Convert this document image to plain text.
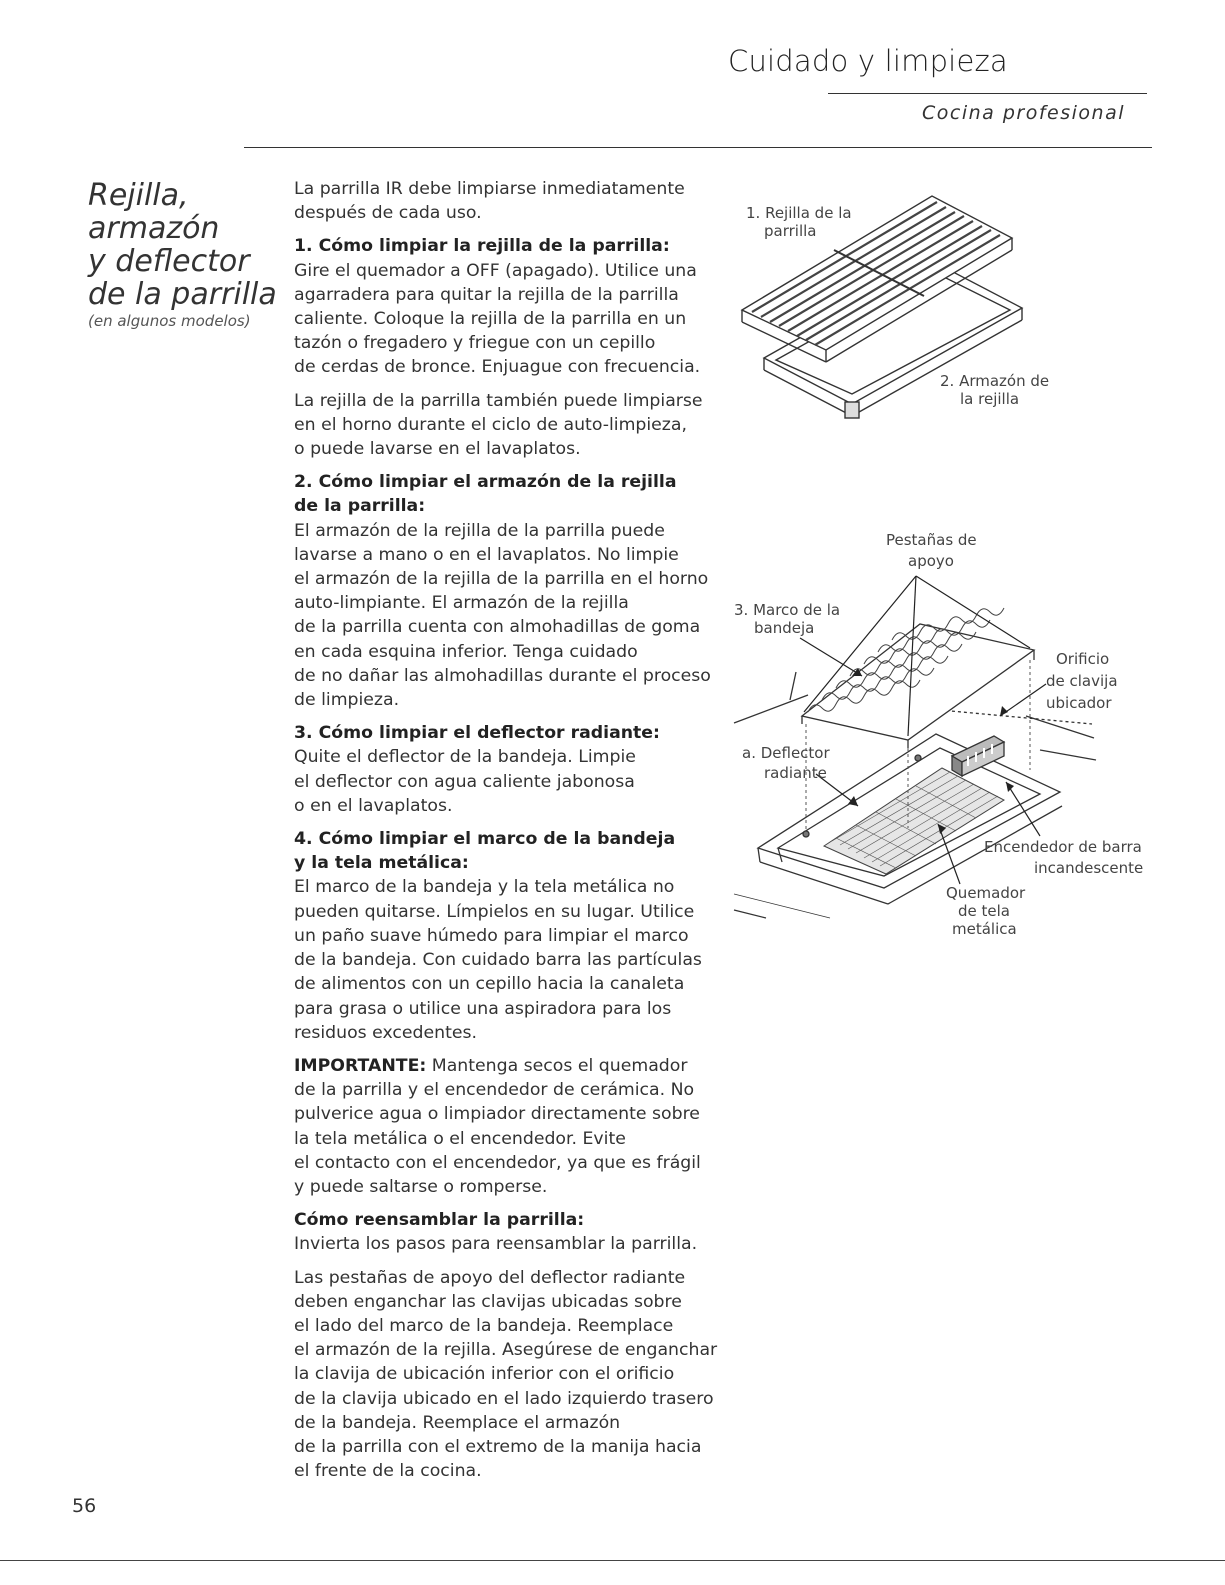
Cuidado y limpieza
Cocina profesional
Rejilla,
armazón
y deflector
de la parrilla
(en algunos modelos)

La parrilla IR debe limpiarse inmediatamente
después de cada uso.

1. Cómo limpiar la rejilla de la parrilla:

Gire el quemador a OFF (apagado). Utilice una
agarradera para quitar la rejilla de la parrilla
caliente. Coloque la rejilla de la parrilla en un
tazón o fregadero y friegue con un cepillo
de cerdas de bronce. Enjuague con frecuencia.

La rejilla de la parrilla también puede limpiarse
en el horno durante el ciclo de auto-limpieza,
o puede lavarse en el lavaplatos.

2. Cómo limpiar el armazón de la rejilla
de la parrilla:

El armazón de la rejilla de la parrilla puede
lavarse a mano o en el lavaplatos. No limpie
el armazón de la rejilla de la parrilla en el horno
auto-limpiante. El armazón de la rejilla
de la parrilla cuenta con almohadillas de goma
en cada esquina inferior. Tenga cuidado
de no dañar las almohadillas durante el proceso
de limpieza.

3. Cómo limpiar el deflector radiante:

Quite el deflector de la bandeja. Limpie
el deflector con agua caliente jabonosa
o en el lavaplatos.

4. Cómo limpiar el marco de la bandeja
y la tela metálica:

El marco de la bandeja y la tela metálica no
pueden quitarse. Límpielos en su lugar. Utilice
un paño suave húmedo para limpiar el marco
de la bandeja. Con cuidado barra las partículas
de alimentos con un cepillo hacia la canaleta
para grasa o utilice una aspiradora para los
residuos excedentes.

IMPORTANTE: Mantenga secos el quemador
de la parrilla y el encendedor de cerámica. No
pulverice agua o limpiador directamente sobre
la tela metálica o el encendedor. Evite
el contacto con el encendedor, ya que es frágil
y puede saltarse o romperse.

Cómo reensamblar la parrilla:

Invierta los pasos para reensamblar la parrilla.

Las pestañas de apoyo del deflector radiante
deben enganchar las clavijas ubicadas sobre
el lado del marco de la bandeja. Reemplace
el armazón de la rejilla. Asegúrese de enganchar
la clavija de ubicación inferior con el orificio
de la clavija ubicado en el lado izquierdo trasero
de la bandeja. Reemplace el armazón
de la parrilla con el extremo de la manija hacia
el frente de la cocina.

1. Rejilla de la
parrilla
2. Armazón de
la rejilla
Pestañas de
apoyo
3. Marco de la
bandeja
Orificio
de clavija
ubicador
a. Deflector
radiante
Encendedor de barra
incandescente
Quemador
de tela
metálica
56
